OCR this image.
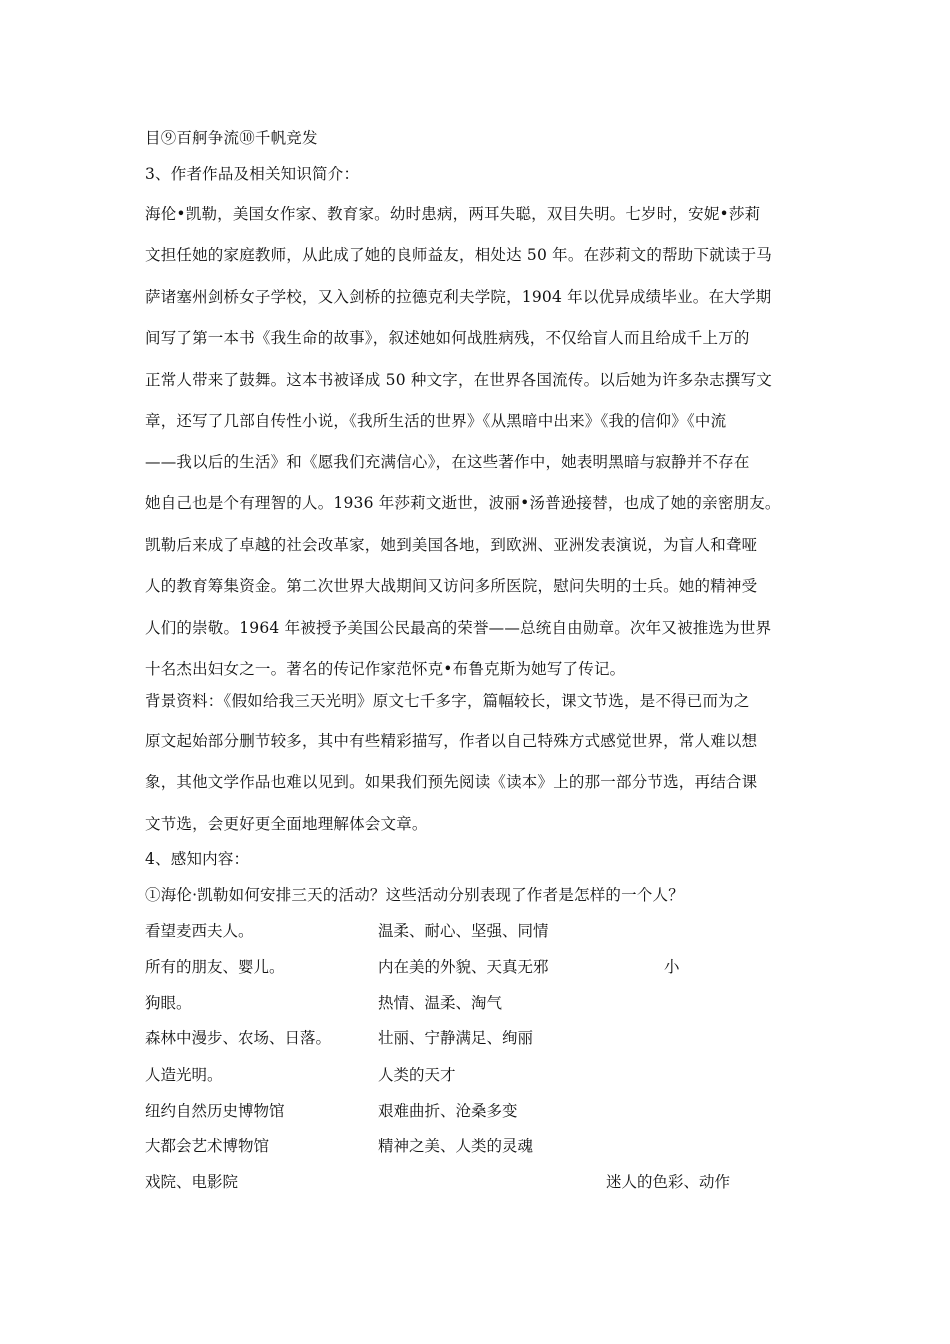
目⑨百舸争流⑩千帆竞发
3、作者作品及相关知识简介：
海伦•凯勒，美国女作家、教育家。幼时患病，两耳失聪，双目失明。七岁时，安妮•莎莉
文担任她的家庭教师，从此成了她的良师益友，相处达 50 年。在莎莉文的帮助下就读于马
萨诸塞州剑桥女子学校，又入剑桥的拉德克利夫学院，1904 年以优异成绩毕业。在大学期
间写了第一本书《我生命的故事》，叙述她如何战胜病残，不仅给盲人而且给成千上万的
正常人带来了鼓舞。这本书被译成 50 种文字，在世界各国流传。以后她为许多杂志撰写文
章，还写了几部自传性小说，《我所生活的世界》《从黑暗中出来》《我的信仰》《中流
——我以后的生活》和《愿我们充满信心》，在这些著作中，她表明黑暗与寂静并不存在
她自己也是个有理智的人。1936 年莎莉文逝世，波丽•汤普逊接替，也成了她的亲密朋友。
凯勒后来成了卓越的社会改革家，她到美国各地，到欧洲、亚洲发表演说，为盲人和聋哑
人的教育筹集资金。第二次世界大战期间又访问多所医院，慰问失明的士兵。她的精神受
人们的崇敬。1964 年被授予美国公民最高的荣誉——总统自由勋章。次年又被推选为世界
十名杰出妇女之一。著名的传记作家范怀克•布鲁克斯为她写了传记。
背景资料：《假如给我三天光明》原文七千多字，篇幅较长，课文节选，是不得已而为之
原文起始部分删节较多，其中有些精彩描写，作者以自己特殊方式感觉世界，常人难以想
象，其他文学作品也难以见到。如果我们预先阅读《读本》上的那一部分节选，再结合课
文节选，会更好更全面地理解体会文章。
4、感知内容：
①海伦·凯勒如何安排三天的活动？这些活动分别表现了作者是怎样的一个人？
看望麦西夫人。	温柔、耐心、坚强、同情
所有的朋友、婴儿。	内在美的外貌、天真无邪	小
狗眼。	热情、温柔、淘气
森林中漫步、农场、日落。	壮丽、宁静满足、绚丽
人造光明。	人类的天才
纽约自然历史博物馆	艰难曲折、沧桑多变
大都会艺术博物馆	精神之美、人类的灵魂
戏院、电影院	迷人的色彩、动作
